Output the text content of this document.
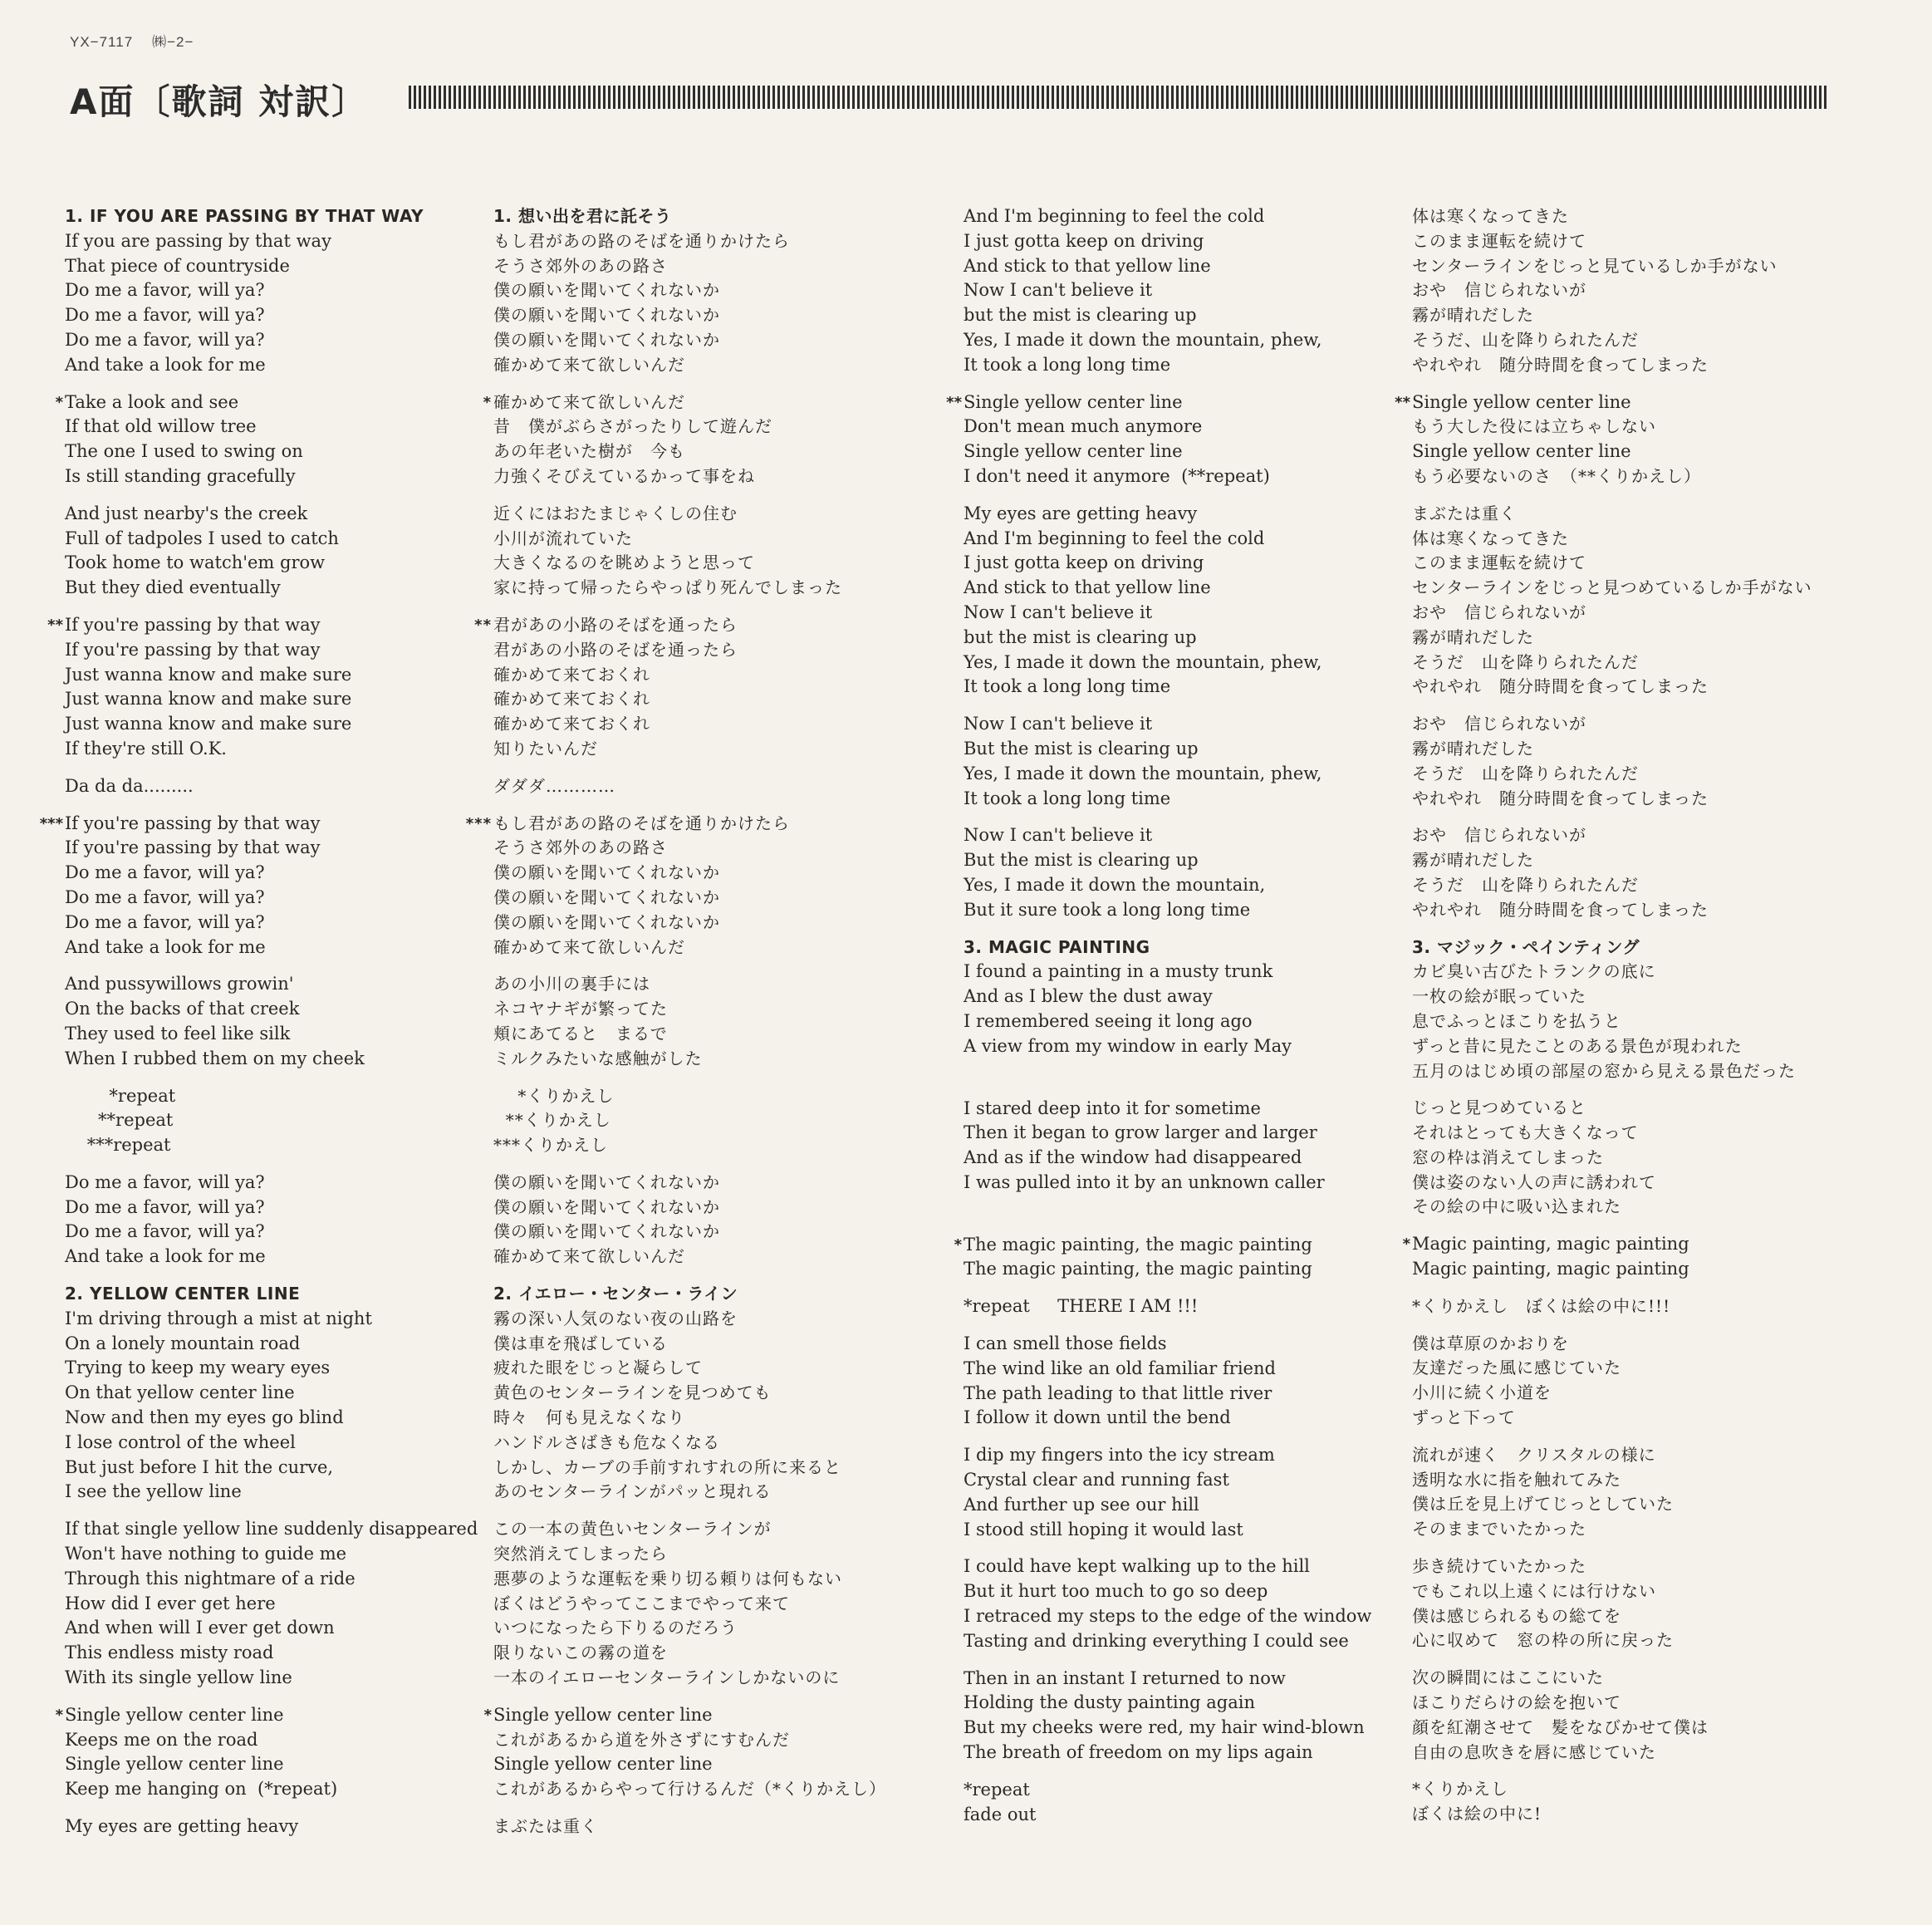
YX−7117 ㈱−2−
A面〔歌詞 対訳〕
1. IF YOU ARE PASSING BY THAT WAY
If you are passing by that way
That piece of countryside
Do me a favor, will ya?
Do me a favor, will ya?
Do me a favor, will ya?
And take a look for me
* Take a look and see
If that old willow tree
The one I used to swing on
Is still standing gracefully
And just nearby's the creek
Full of tadpoles I used to catch
Took home to watch'em grow
But they died eventually
** If you're passing by that way
If you're passing by that way
Just wanna know and make sure
Just wanna know and make sure
Just wanna know and make sure
If they're still O.K.
Da da da.........
*** If you're passing by that way
If you're passing by that way
Do me a favor, will ya?
Do me a favor, will ya?
Do me a favor, will ya?
And take a look for me
And pussywillows growin'
On the backs of that creek
They used to feel like silk
When I rubbed them on my cheek
*repeat
**repeat
***repeat
Do me a favor, will ya?
Do me a favor, will ya?
Do me a favor, will ya?
And take a look for me
2. YELLOW CENTER LINE
I'm driving through a mist at night
On a lonely mountain road
Trying to keep my weary eyes
On that yellow center line
Now and then my eyes go blind
I lose control of the wheel
But just before I hit the curve,
I see the yellow line
If that single yellow line suddenly disappeared
Won't have nothing to guide me
Through this nightmare of a ride
How did I ever get here
And when will I ever get down
This endless misty road
With its single yellow line
* Single yellow center line
Keeps me on the road
Single yellow center line
Keep me hanging on  (*repeat)
My eyes are getting heavy
1. 想い出を君に託そう
もし君があの路のそばを通りかけたら
そうさ郊外のあの路さ
僕の願いを聞いてくれないか
僕の願いを聞いてくれないか
僕の願いを聞いてくれないか
確かめて来て欲しいんだ
* 確かめて来て欲しいんだ
昔　僕がぶらさがったりして遊んだ
あの年老いた樹が　今も
力強くそびえているかって事をね
近くにはおたまじゃくしの住む
小川が流れていた
大きくなるのを眺めようと思って
家に持って帰ったらやっぱり死んでしまった
** 君があの小路のそばを通ったら
君があの小路のそばを通ったら
確かめて来ておくれ
確かめて来ておくれ
確かめて来ておくれ
知りたいんだ
ダダダ…………
*** もし君があの路のそばを通りかけたら
そうさ郊外のあの路さ
僕の願いを聞いてくれないか
僕の願いを聞いてくれないか
僕の願いを聞いてくれないか
確かめて来て欲しいんだ
あの小川の裏手には
ネコヤナギが繁ってた
頬にあてると　まるで
ミルクみたいな感触がした
*くりかえし
**くりかえし
***くりかえし
僕の願いを聞いてくれないか
僕の願いを聞いてくれないか
僕の願いを聞いてくれないか
確かめて来て欲しいんだ
2. イエロー・センター・ライン
霧の深い人気のない夜の山路を
僕は車を飛ばしている
疲れた眼をじっと凝らして
黄色のセンターラインを見つめても
時々　何も見えなくなり
ハンドルさばきも危なくなる
しかし、カーブの手前すれすれの所に来ると
あのセンターラインがパッと現れる
この一本の黄色いセンターラインが
突然消えてしまったら
悪夢のような運転を乗り切る頼りは何もない
ぼくはどうやってここまでやって来て
いつになったら下りるのだろう
限りないこの霧の道を
一本のイエローセンターラインしかないのに
* Single yellow center line
これがあるから道を外さずにすむんだ
Single yellow center line
これがあるからやって行けるんだ（*くりかえし）
まぶたは重く
And I'm beginning to feel the cold
I just gotta keep on driving
And stick to that yellow line
Now I can't believe it
but the mist is clearing up
Yes, I made it down the mountain, phew,
It took a long long time
** Single yellow center line
Don't mean much anymore
Single yellow center line
I don't need it anymore  (**repeat)
My eyes are getting heavy
And I'm beginning to feel the cold
I just gotta keep on driving
And stick to that yellow line
Now I can't believe it
but the mist is clearing up
Yes, I made it down the mountain, phew,
It took a long long time
Now I can't believe it
But the mist is clearing up
Yes, I made it down the mountain, phew,
It took a long long time
Now I can't believe it
But the mist is clearing up
Yes, I made it down the mountain,
But it sure took a long long time
3. MAGIC PAINTING
I found a painting in a musty trunk
And as I blew the dust away
I remembered seeing it long ago
A view from my window in early May
I stared deep into it for sometime
Then it began to grow larger and larger
And as if the window had disappeared
I was pulled into it by an unknown caller
* The magic painting, the magic painting
The magic painting, the magic painting
*repeat     THERE I AM !!!
I can smell those fields
The wind like an old familiar friend
The path leading to that little river
I follow it down until the bend
I dip my fingers into the icy stream
Crystal clear and running fast
And further up see our hill
I stood still hoping it would last
I could have kept walking up to the hill
But it hurt too much to go so deep
I retraced my steps to the edge of the window
Tasting and drinking everything I could see
Then in an instant I returned to now
Holding the dusty painting again
But my cheeks were red, my hair wind-blown
The breath of freedom on my lips again
*repeat
fade out
体は寒くなってきた
このまま運転を続けて
センターラインをじっと見ているしか手がない
おや　信じられないが
霧が晴れだした
そうだ、山を降りられたんだ
やれやれ　随分時間を食ってしまった
** Single yellow center line
もう大した役には立ちゃしない
Single yellow center line
もう必要ないのさ　（**くりかえし）
まぶたは重く
体は寒くなってきた
このまま運転を続けて
センターラインをじっと見つめているしか手がない
おや　信じられないが
霧が晴れだした
そうだ　山を降りられたんだ
やれやれ　随分時間を食ってしまった
おや　信じられないが
霧が晴れだした
そうだ　山を降りられたんだ
やれやれ　随分時間を食ってしまった
おや　信じられないが
霧が晴れだした
そうだ　山を降りられたんだ
やれやれ　随分時間を食ってしまった
3. マジック・ペインティング
カビ臭い古びたトランクの底に
一枚の絵が眠っていた
息でふっとほこりを払うと
ずっと昔に見たことのある景色が現われた
五月のはじめ頃の部屋の窓から見える景色だった
じっと見つめていると
それはとっても大きくなって
窓の枠は消えてしまった
僕は姿のない人の声に誘われて
その絵の中に吸い込まれた
* Magic painting, magic painting
Magic painting, magic painting
*くりかえし　ぼくは絵の中に!!!
僕は草原のかおりを
友達だった風に感じていた
小川に続く小道を
ずっと下って
流れが速く　クリスタルの様に
透明な水に指を触れてみた
僕は丘を見上げてじっとしていた
そのままでいたかった
歩き続けていたかった
でもこれ以上遠くには行けない
僕は感じられるもの総てを
心に収めて　窓の枠の所に戻った
次の瞬間にはここにいた
ほこりだらけの絵を抱いて
顔を紅潮させて　髪をなびかせて僕は
自由の息吹きを唇に感じていた
*くりかえし
ぼくは絵の中に!
